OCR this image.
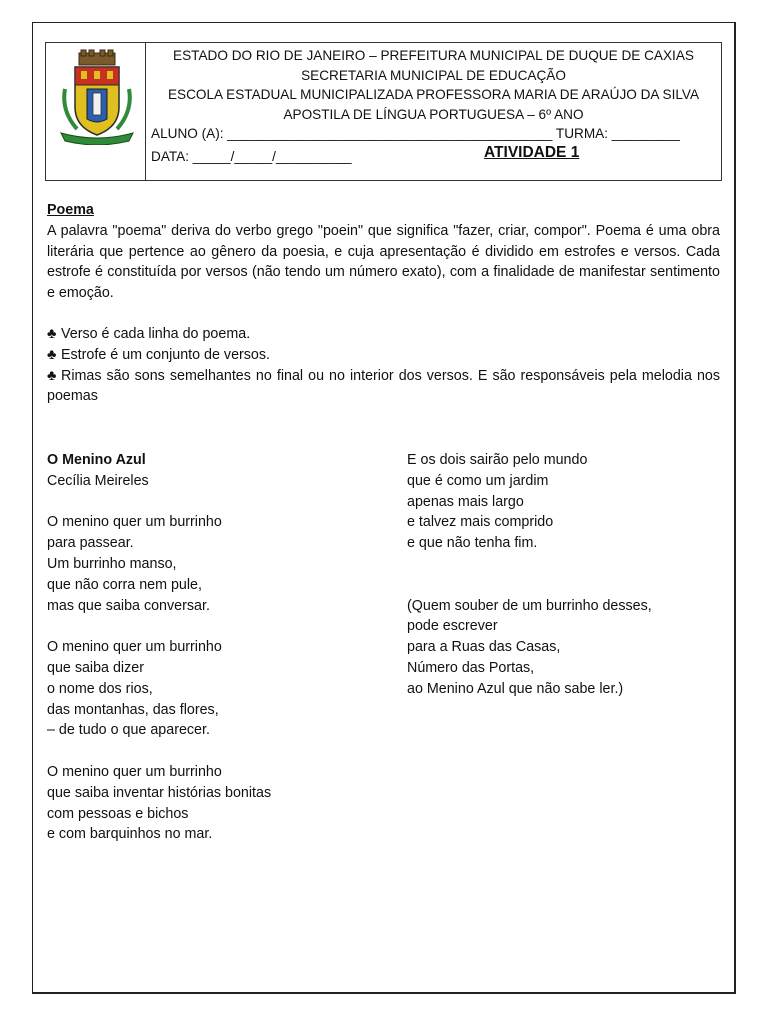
ESTADO DO RIO DE JANEIRO – PREFEITURA MUNICIPAL DE DUQUE DE CAXIAS
SECRETARIA MUNICIPAL DE EDUCAÇÃO
ESCOLA ESTADUAL MUNICIPALIZADA PROFESSORA MARIA DE ARAÚJO DA SILVA
APOSTILA DE LÍNGUA PORTUGUESA – 6º ANO
ALUNO (A): ___________________________________________ TURMA: _________
DATA: _____/_____/__________	ATIVIDADE 1

Poema

A palavra "poema" deriva do verbo grego "poein" que significa "fazer, criar, compor". Poema é uma obra literária que pertence ao gênero da poesia, e cuja apresentação é dividido em estrofes e versos. Cada estrofe é constituída por versos (não tendo um número exato), com a finalidade de manifestar sentimento e emoção.

♣ Verso é cada linha do poema.
♣ Estrofe é um conjunto de versos.
♣ Rimas são sons semelhantes no final ou no interior dos versos. E são responsáveis pela melodia nos poemas
O Menino Azul
Cecília Meireles
O menino quer um burrinho
para passear.
Um burrinho manso,
que não corra nem pule,
mas que saiba conversar.
O menino quer um burrinho
que saiba dizer
o nome dos rios,
das montanhas, das flores,
– de tudo o que aparecer.
O menino quer um burrinho
que saiba inventar histórias bonitas
com pessoas e bichos
e com barquinhos no mar.
E os dois sairão pelo mundo
que é como um jardim
apenas mais largo
e talvez mais comprido
e que não tenha fim.
(Quem souber de um burrinho desses,
pode escrever
para a Ruas das Casas,
Número das Portas,
ao Menino Azul que não sabe ler.)
